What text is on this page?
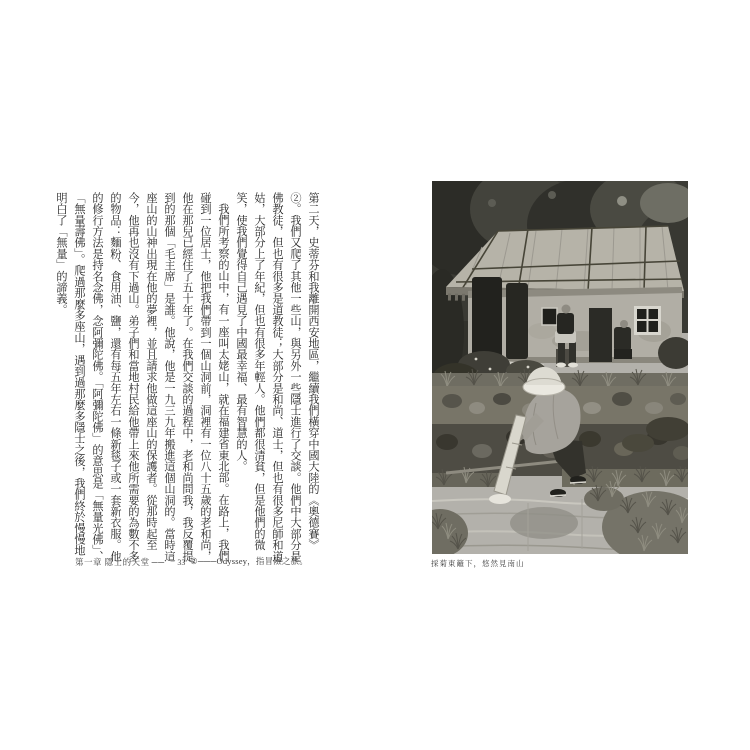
第二天，史蒂芬和我離開西安地區，繼續我們橫穿中國大陸的《奧德賽》②。我們又爬了其他一些山，與另外一些隱士進行了交談。他們中大部分是佛教徒，但也有很多是道教徒；大部分是和尚、道士，但也有很多尼師和道姑，大部分上了年紀，但也有很多年輕人。他們都很清貧，但是他們的微笑，使我們覺得自己遇見了中國最幸福、最有智慧的人。

我們所考察的山中，有一座叫太姥山，就在福建省東北部。在路上，我們碰到一位居士，他把我們帶到一個山洞前，洞裡有一位八十五歲的老和尚，他在那兒已經住了五十年了。在我們交談的過程中，老和尚問我，我反覆提到的那個「毛主席」是誰。他說，他是一九三九年搬進這個山洞的。當時這座山的山神出現在他的夢裡，並且請求他做這座山的保護者。從那時起至今，他再也沒有下過山。弟子們和當地村民給他帶上來他所需要的為數不多的物品：麵粉、食用油、鹽，還有每五年左右一條新毯子或一套新衣服。他的修行方法是持名念佛，念阿彌陀佛。「阿彌陀佛」的意思是「無量光佛」、「無量壽佛」。爬過那麼多座山，遇到過那麼多隱士之後，我們終於慢慢地明白了「無量」的諦義。

②───Odyssey，指冒險之旅。
第一章 隱士的天堂 ── 33	採菊東籬下，悠然見南山
